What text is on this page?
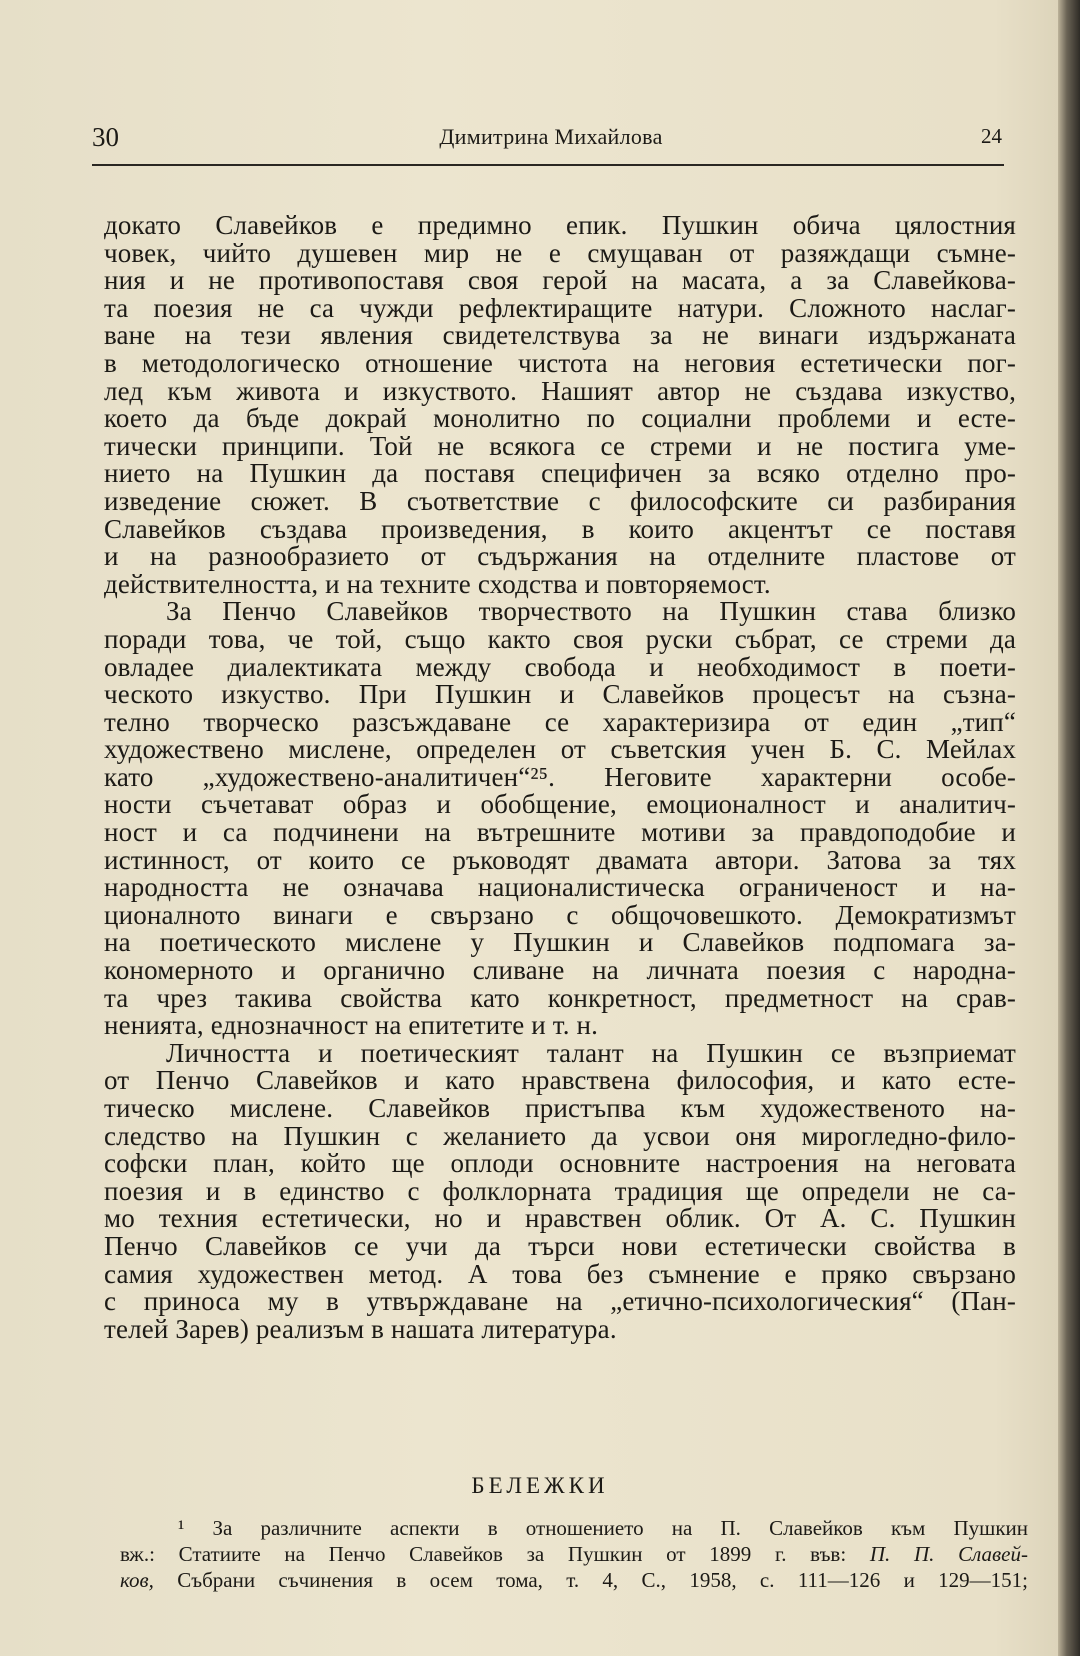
30	Димитрина Михайлова	24

докато Славейков е предимно епик. Пушкин обича цялостния
човек, чийто душевен мир не е смущаван от разяждащи съмне-
ния и не противопоставя своя герой на масата, а за Славейкова-
та поезия не са чужди рефлектиращите натури. Сложното наслаг-
ване на тези явления свидетелствува за не винаги издържаната
в методологическо отношение чистота на неговия естетически пог-
лед към живота и изкуството. Нашият автор не създава изкуство,
което да бъде докрай монолитно по социални проблеми и есте-
тически принципи. Той не всякога се стреми и не постига уме-
нието на Пушкин да поставя специфичен за всяко отделно про-
изведение сюжет. В съответствие с философските си разбирания
Славейков създава произведения, в които акцентът се поставя
и на разнообразието от съдържания на отделните пластове от
действителността, и на техните сходства и повторяемост.

За Пенчо Славейков творчеството на Пушкин става близко
поради това, че той, също както своя руски събрат, се стреми да
овладее диалектиката между свобода и необходимост в поети-
ческото изкуство. При Пушкин и Славейков процесът на съзна-
телно творческо разсъждаване се характеризира от един „тип“
художествено мислене, определен от съветския учен Б. С. Мейлах
като „художествено-аналитичен“²⁵. Неговите характерни особе-
ности съчетават образ и обобщение, емоционалност и аналитич-
ност и са подчинени на вътрешните мотиви за правдоподобие и
истинност, от които се ръководят двамата автори. Затова за тях
народността не означава националистическа ограниченост и на-
ционалното винаги е свързано с общочовешкото. Демократизмът
на поетическото мислене у Пушкин и Славейков подпомага за-
кономерното и органично сливане на личната поезия с народна-
та чрез такива свойства като конкретност, предметност на срав-
ненията, еднозначност на епитетите и т. н.

Личността и поетическият талант на Пушкин се възприемат
от Пенчо Славейков и като нравствена философия, и като есте-
тическо мислене. Славейков пристъпва към художественото на-
следство на Пушкин с желанието да усвои оня мирогледно-фило-
софски план, който ще оплоди основните настроения на неговата
поезия и в единство с фолклорната традиция ще определи не са-
мо техния естетически, но и нравствен облик. От А. С. Пушкин
Пенчо Славейков се учи да търси нови естетически свойства в
самия художествен метод. А това без съмнение е пряко свързано
с приноса му в утвърждаване на „етично-психологическия“ (Пан-
телей Зарев) реализъм в нашата литература.

БЕЛЕЖКИ
¹ За различните аспекти в отношението на П. Славейков към Пушкин
вж.: Статиите на Пенчо Славейков за Пушкин от 1899 г. във: П. П. Славей-
ков, Събрани съчинения в осем тома, т. 4, С., 1958, с. 111—126 и 129—151;
